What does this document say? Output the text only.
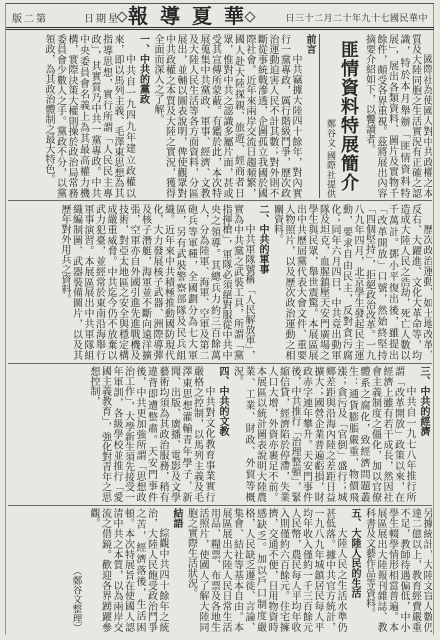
第二版	星期日 華夏導報	中華民國七十九年十二月二十三日

國際社為使國人對中共政權之本質及大陸同胞之生活實況有正確之認識，特於本月舉辦「匪情資料特展」，展出各類資料、圖片及實物千餘件，頗受各界重視。茲將展出內容摘要介紹如下，以饗讀者。

匪情資料特展簡介
鄭谷文‧國際社提供
前言

中共竊據大陸四十餘年，對內實行一黨專政，厲行階級鬥爭，歷次政治運動迫害人民不計其數；對外則不斷從事統戰滲透，企圖孤立我國於國際社會。近年來兩岸交流日趨頻繁，國人赴大陸探親、旅遊、經商者日眾，惟對中共之認識多屬片面，甚或受其宣傳所蒙蔽。有鑑於此，本次特展蒐集中共黨政、軍事、經濟、文教及大陸人民生活等各方面資料，分區展出，並輔以圖表說明，俾使觀眾對中共政權之本質及大陸之實況，獲得全面而深入之了解。

一、中共的黨政

中共自一九四九年建立政權以來，即以馬列主義、毛澤東思想為其指導思想，實行所謂「人民民主專政」，其實質乃中共一黨專政。中共中央委員會名義上為其最高權力機構，實際決策大權則操於政治局常務委員會少數人之手。黨政不分，以黨領政，為其政治體制之最大特色。

歷次政治運動，如土地改革、反右、大躍進、文化大革命等，均造成大陸人民之浩劫，死亡人數以千萬計。鄧小平復出後，雖提出「改革開放」口號，然始終堅持「四個堅持」，拒絕政治改革。一九八九年四月，北京學生發起民主運動，要求自由民主，反對貪污腐化；同年六月四日，中共竟出動軍隊及坦克，血腥鎮壓天安門廣場之學生與民眾，舉世震驚。本展區展出中共歷屆黨代表大會文件、重要人物照片，以及歷次政治運動之相關資料。

二、中共的軍事

中共軍隊號稱「人民解放軍」，實為中共黨之武裝工具，所謂「黨指揮槍」，軍隊必須絕對服從中共中央之領導。其總兵力約三百餘萬人，分為陸軍、海軍、空軍及第二砲兵等軍種，全國劃分為七大軍區，另有武裝警察部隊及民兵組織。近年來中共積極推動國防現代化，大力發展核子武器、洲際導彈及核子潛艇，海軍並不斷向遠洋擴張，空軍亦自外國引進先進戰機及技術，對亞太地區之安全與穩定構成嚴重威脅。中共迄今仍不放棄以武力犯臺，並經常於東南沿海舉行軍事演習。本展區展出中共軍隊組織編制圖、武器裝備圖片，以及其歷年對外用兵之資料。

三、中共的經濟

中共自一九七八年推行所謂「改革開放」政策以來，在經濟上雖有若干成長，然因社會主義制度之僵化，加以官僚體系之腐化，致經濟問題叢生：通貨膨脹嚴重，物價飛漲；貪污及「官倒」盛行；城鄉差距與沿海內陸之差距日益擴大；國營企業普遍虧損，財政赤字連年攀升。天安門事件後，中共推行「治理整頓」，緊縮信貸，經濟陷於停滯，失業人口大增，外資亦裹足不前。本展區以統計圖表說明大陸農業、工業、財政、外貿等概況。

四、中共的文教

中共對文化教育事業實行嚴格之控制，以馬列主義及毛澤東思想灌輸青年學子，新聞、出版、廣播、電影及文學藝術均須為其政治服務，稍有違背即遭整肅。天安門事件後，中共更加強所謂「思想政治工作」，大學新生須先接受一年軍訓，各級學校並推行「愛國主義教育」，強化對青年之思想控制，

另據統計，大陸文盲人數仍達二億以上，教育經費嚴重不足，教師待遇偏低，中小學生輟學情形相當普遍。本展區展出大陸報刊雜誌、教科書及文藝作品等資料。

五、大陸人民的生活

大陸人民之生活水準仍甚低落。據中共官方統計，一九八九年城鎮居民每人平均年收入僅約一千三百餘元人民幣，農民每人平均年收入則僅約六百餘元。住宅擁擠，交通不便，日用物資時感缺乏。加以戶口制度嚴格，人民缺乏遷徙、言論、集會、結社等基本自由。本展區展出大陸人民日常生活用品、糧票、布票及各地生活照片，使國人了解大陸同胞之實際生活狀況。

結語

綜觀中共四十餘年之統治，大陸人民飽受政治鬥爭之苦，經濟落後，生活困頓。本次特展旨在使國人認清中共之本質，以為兩岸交流之借鏡。歡迎各界踴躍參觀。

（鄭谷文整理）
